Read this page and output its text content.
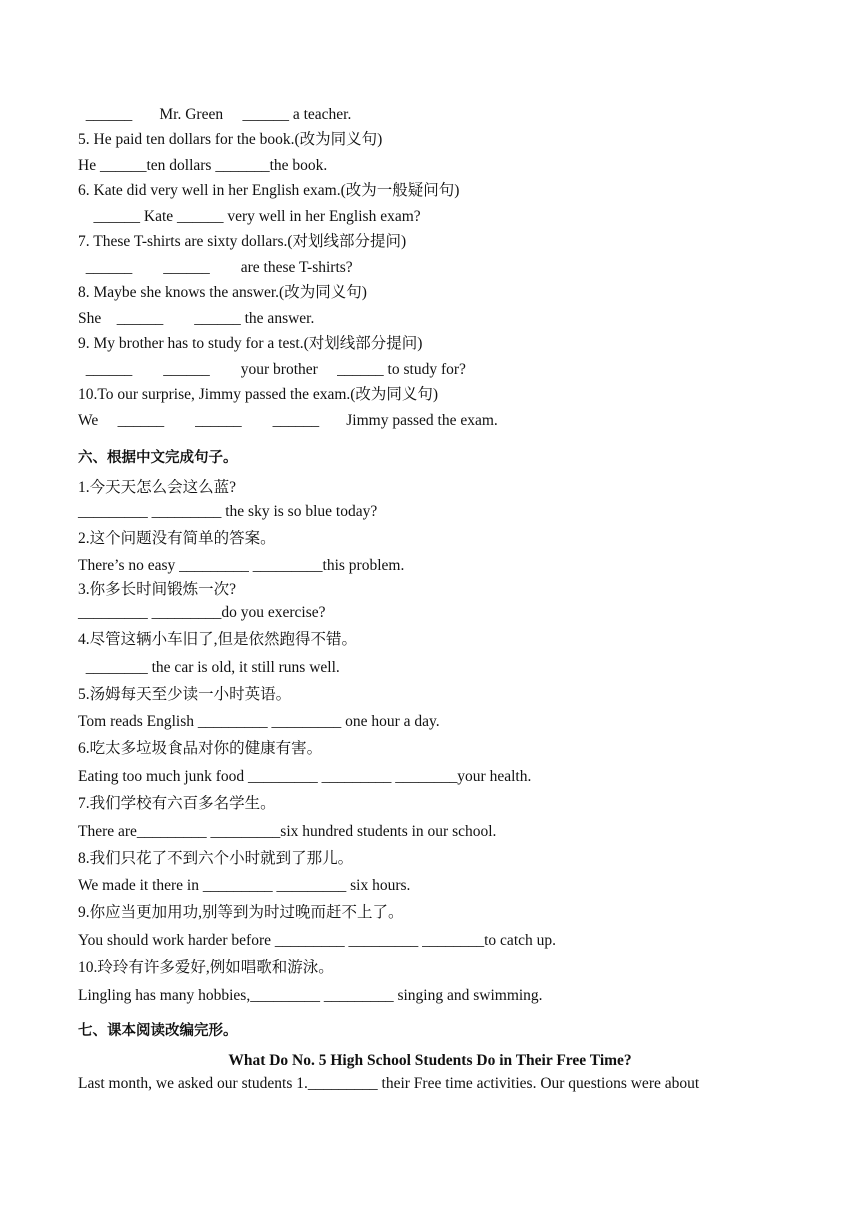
______       Mr. Green     ______ a teacher.
5. He paid ten dollars for the book.(改为同义句)
He ______ten dollars _______the book.
6. Kate did very well in her English exam.(改为一般疑问句)
______ Kate ______ very well in her English exam?
7. These T-shirts are sixty dollars.(对划线部分提问)
______        ______        are these T-shirts?
8. Maybe she knows the answer.(改为同义句)
She    ______        ______ the answer.
9. My brother has to study for a test.(对划线部分提问)
______        ______        your brother     ______ to study for?
10.To our surprise, Jimmy passed the exam.(改为同义句)
We     ______        ______        ______       Jimmy passed the exam.
六、根据中文完成句子。
1.今天天怎么会这么蓝?
_________ _________ the sky is so blue today?
2.这个问题没有简单的答案。
There’s no easy _________ _________this problem.
3.你多长时间锻炼一次?
_________ _________do you exercise?
4.尽管这辆小车旧了,但是依然跑得不错。
________ the car is old, it still runs well.
5.汤姆每天至少读一小时英语。
Tom reads English _________ _________ one hour a day.
6.吃太多垃圾食品对你的健康有害。
Eating too much junk food _________ _________ ________your health.
7.我们学校有六百多名学生。
There are_________ _________six hundred students in our school.
8.我们只花了不到六个小时就到了那儿。
We made it there in _________ _________ six hours.
9.你应当更加用功,别等到为时过晚而赶不上了。
You should work harder before _________ _________ ________to catch up.
10.玲玲有许多爱好,例如唱歌和游泳。
Lingling has many hobbies,_________ _________ singing and swimming.
七、课本阅读改编完形。
What Do No. 5 High School Students Do in Their Free Time?
Last month, we asked our students 1._________ their Free time activities. Our questions were about
